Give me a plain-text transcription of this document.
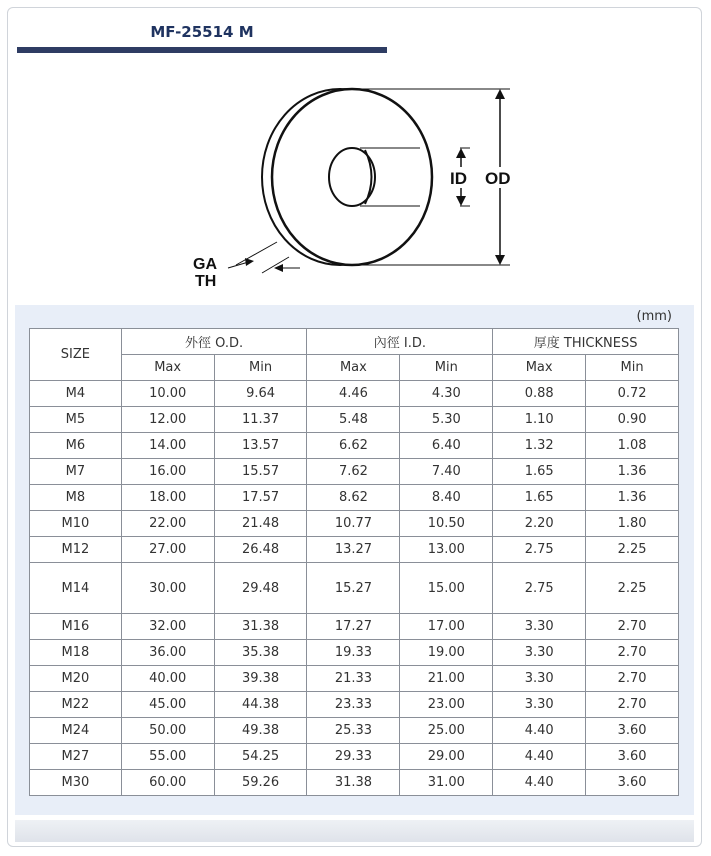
MF-25514 M
ID OD
GA
TH
(mm)
SIZE	外徑 O.D.		內徑 I.D.		厚度 THICKNESS	
	Max	Min	Max	Min	Max	Min
M4	10.00	9.64	4.46	4.30	0.88	0.72
M5	12.00	11.37	5.48	5.30	1.10	0.90
M6	14.00	13.57	6.62	6.40	1.32	1.08
M7	16.00	15.57	7.62	7.40	1.65	1.36
M8	18.00	17.57	8.62	8.40	1.65	1.36
M10	22.00	21.48	10.77	10.50	2.20	1.80
M12	27.00	26.48	13.27	13.00	2.75	2.25
M14	30.00	29.48	15.27	15.00	2.75	2.25
M16	32.00	31.38	17.27	17.00	3.30	2.70
M18	36.00	35.38	19.33	19.00	3.30	2.70
M20	40.00	39.38	21.33	21.00	3.30	2.70
M22	45.00	44.38	23.33	23.00	3.30	2.70
M24	50.00	49.38	25.33	25.00	4.40	3.60
M27	55.00	54.25	29.33	29.00	4.40	3.60
M30	60.00	59.26	31.38	31.00	4.40	3.60
